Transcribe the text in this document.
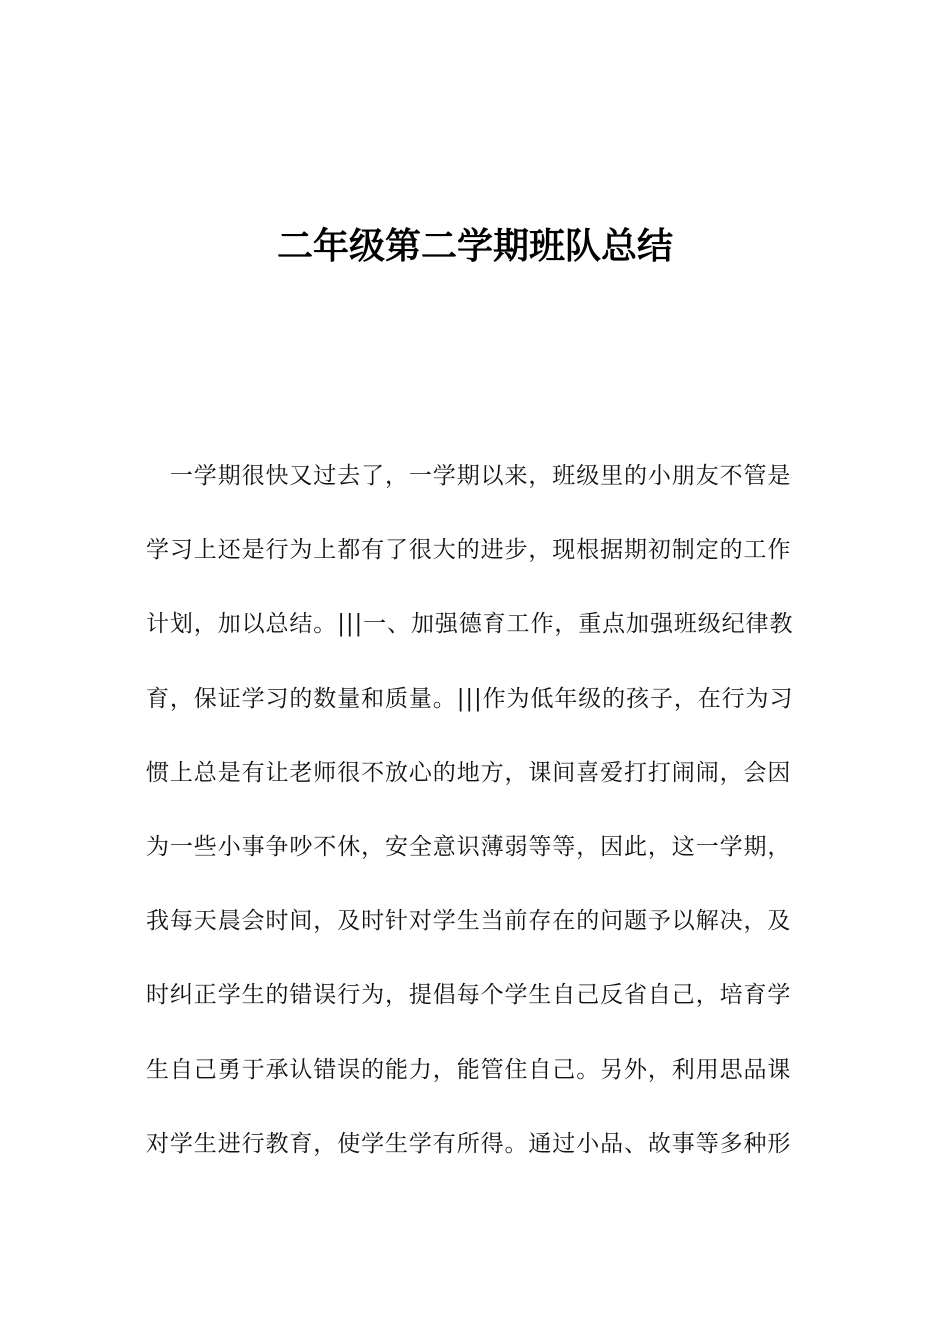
二年级第二学期班队总结
　一学期很快又过去了，一学期以来，班级里的小朋友不管是
学习上还是行为上都有了很大的进步，现根据期初制定的工作
计划，加以总结。|||一、加强德育工作，重点加强班级纪律教
育，保证学习的数量和质量。|||作为低年级的孩子，在行为习
惯上总是有让老师很不放心的地方，课间喜爱打打闹闹，会因
为一些小事争吵不休，安全意识薄弱等等，因此，这一学期，
我每天晨会时间，及时针对学生当前存在的问题予以解决，及
时纠正学生的错误行为，提倡每个学生自己反省自己，培育学
生自己勇于承认错误的能力，能管住自己。另外，利用思品课
对学生进行教育，使学生学有所得。通过小品、故事等多种形
